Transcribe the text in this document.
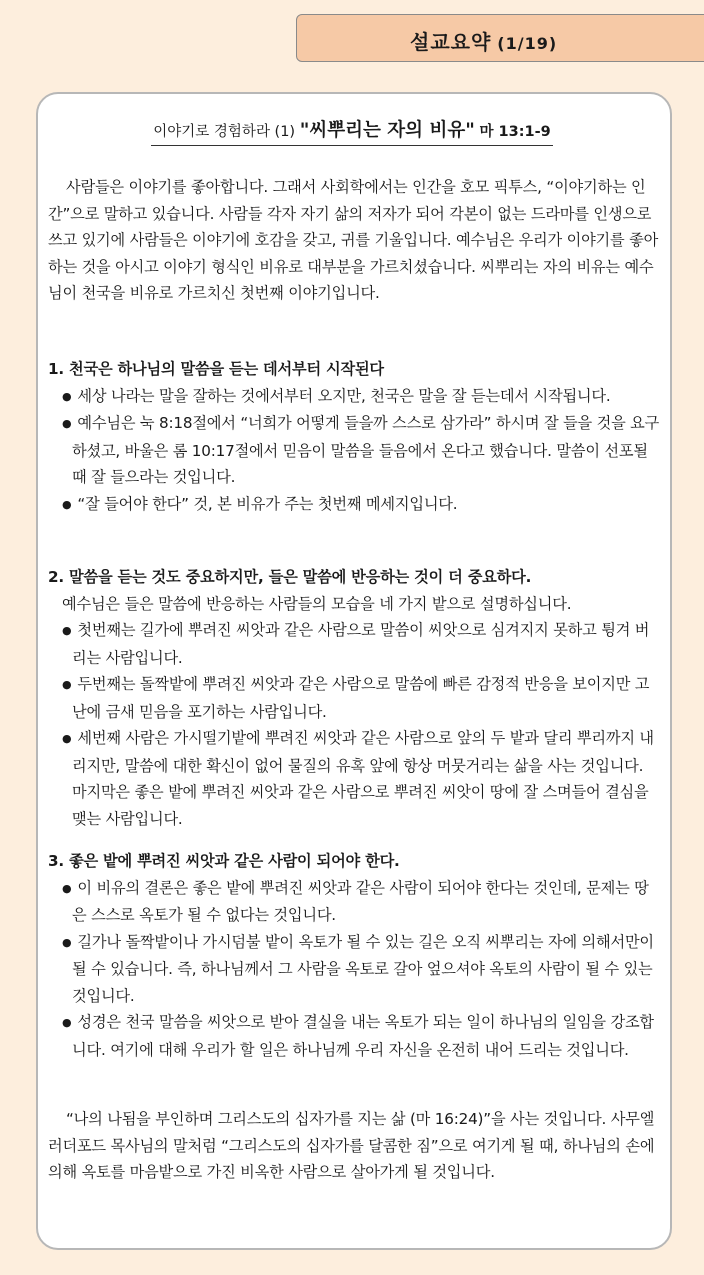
설교요약 (1/19)
이야기로 경험하라 (1) "씨뿌리는 자의 비유" 마 13:1-9
사람들은 이야기를 좋아합니다. 그래서 사회학에서는 인간을 호모 픽투스, “이야기하는 인간”으로 말하고 있습니다. 사람들 각자 자기 삶의 저자가 되어 각본이 없는 드라마를 인생으로 쓰고 있기에 사람들은 이야기에 호감을 갖고, 귀를 기울입니다. 예수님은 우리가 이야기를 좋아하는 것을 아시고 이야기 형식인 비유로 대부분을 가르치셨습니다. 씨뿌리는 자의 비유는 예수님이 천국을 비유로 가르치신 첫번째 이야기입니다.
1. 천국은 하나님의 말씀을 듣는 데서부터 시작된다
● 세상 나라는 말을 잘하는 것에서부터 오지만, 천국은 말을 잘 듣는데서 시작됩니다.
● 예수님은 눅 8:18절에서 “너희가 어떻게 들을까 스스로 삼가라” 하시며 잘 들을 것을 요구하셨고, 바울은 롬 10:17절에서 믿음이 말씀을 들음에서 온다고 했습니다. 말씀이 선포될 때 잘 들으라는 것입니다.
● “잘 들어야 한다” 것, 본 비유가 주는 첫번째 메세지입니다.
2. 말씀을 듣는 것도 중요하지만, 들은 말씀에 반응하는 것이 더 중요하다.
예수님은 들은 말씀에 반응하는 사람들의 모습을 네 가지 밭으로 설명하십니다.
● 첫번째는 길가에 뿌려진 씨앗과 같은 사람으로 말씀이 씨앗으로 심겨지지 못하고 튕겨 버리는 사람입니다.
● 두번째는 돌짝밭에 뿌려진 씨앗과 같은 사람으로 말씀에 빠른 감정적 반응을 보이지만 고난에 금새 믿음을 포기하는 사람입니다.
● 세번째 사람은 가시떨기밭에 뿌려진 씨앗과 같은 사람으로 앞의 두 밭과 달리 뿌리까지 내리지만, 말씀에 대한 확신이 없어 물질의 유혹 앞에 항상 머뭇거리는 삶을 사는 것입니다. 마지막은 좋은 밭에 뿌려진 씨앗과 같은 사람으로 뿌려진 씨앗이 땅에 잘 스며들어 결심을 맺는 사람입니다.
3. 좋은 밭에 뿌려진 씨앗과 같은 사람이 되어야 한다.
● 이 비유의 결론은 좋은 밭에 뿌려진 씨앗과 같은 사람이 되어야 한다는 것인데, 문제는 땅은 스스로 옥토가 될 수 없다는 것입니다.
● 길가나 돌짝밭이나 가시덤불 밭이 옥토가 될 수 있는 길은 오직 씨뿌리는 자에 의해서만이 될 수 있습니다. 즉, 하나님께서 그 사람을 옥토로 갈아 엎으셔야 옥토의 사람이 될 수 있는 것입니다.
● 성경은 천국 말씀을 씨앗으로 받아 결실을 내는 옥토가 되는 일이 하나님의 일임을 강조합니다. 여기에 대해 우리가 할 일은 하나님께 우리 자신을 온전히 내어 드리는 것입니다.
“나의 나됨을 부인하며 그리스도의 십자가를 지는 삶 (마 16:24)”을 사는 것입니다. 사무엘 러더포드 목사님의 말처럼 “그리스도의 십자가를 달콤한 짐”으로 여기게 될 때, 하나님의 손에 의해 옥토를 마음밭으로 가진 비옥한 사람으로 살아가게 될 것입니다.
